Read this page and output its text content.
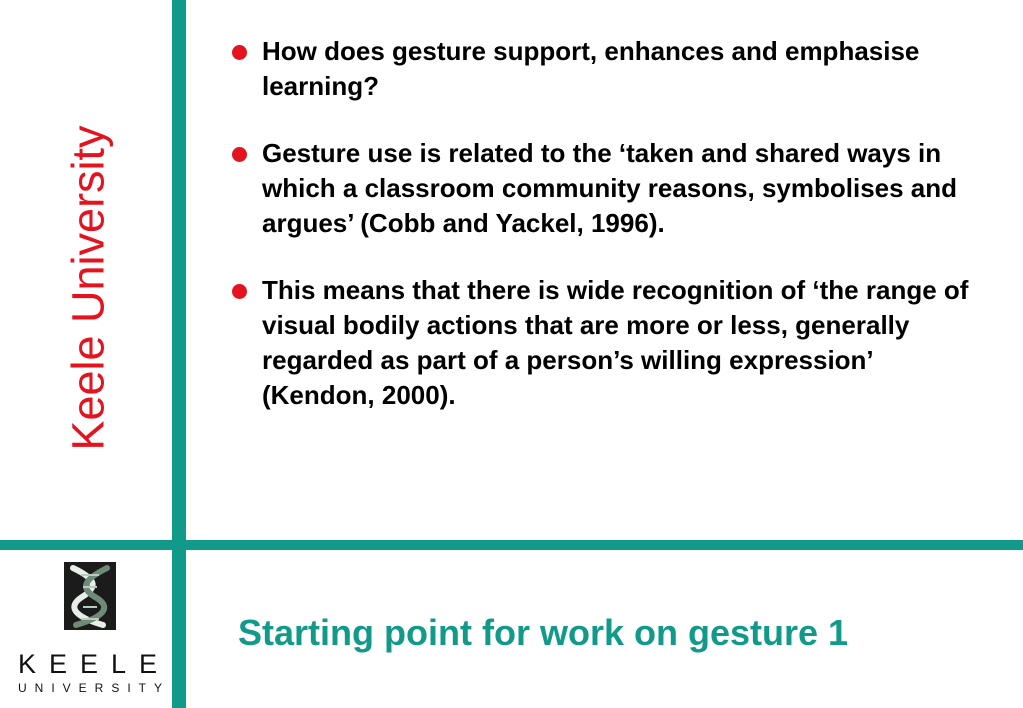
Keele University
How does gesture support, enhances and emphasise learning?
Gesture use is related to the ‘taken and shared ways in which a classroom community reasons, symbolises and argues’ (Cobb and Yackel, 1996).
This means that there is wide recognition of ‘the range of visual bodily actions that are more or less, generally regarded as part of a person’s willing expression’ (Kendon, 2000).
Starting point for work on gesture 1
KEELE
UNIVERSITY
